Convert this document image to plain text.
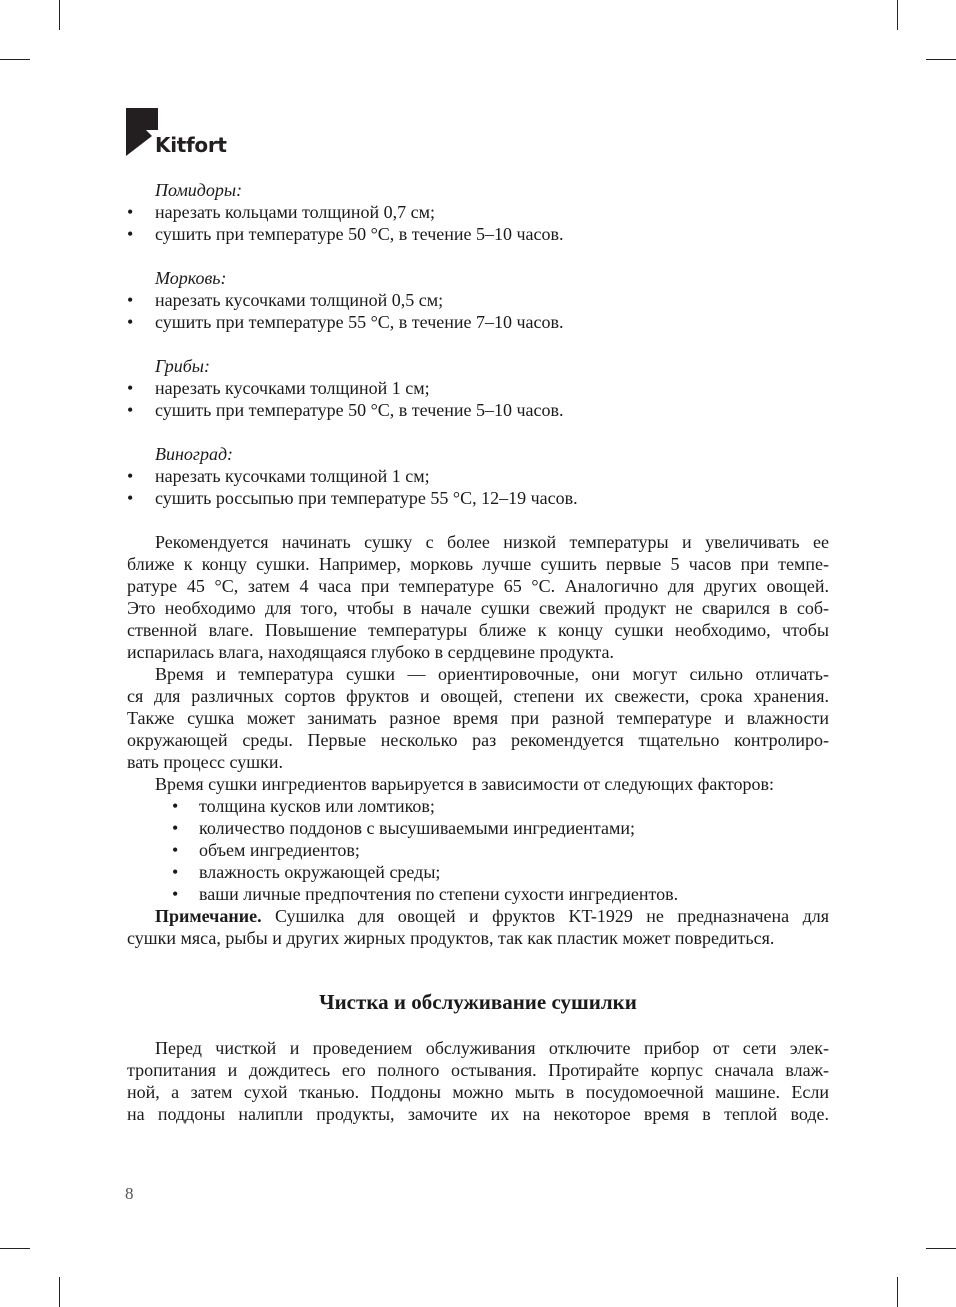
Kitfort
Помидоры:
• нарезать кольцами толщиной 0,7 см;
• сушить при температуре 50 °С, в течение 5–10 часов.
Морковь:
• нарезать кусочками толщиной 0,5 см;
• сушить при температуре 55 °С, в течение 7–10 часов.
Грибы:
• нарезать кусочками толщиной 1 см;
• сушить при температуре 50 °С, в течение 5–10 часов.
Виноград:
• нарезать кусочками толщиной 1 см;
• сушить россыпью при температуре 55 °С, 12–19 часов.
Рекомендуется начинать сушку с более низкой температуры и увеличивать ее
ближе к концу сушки. Например, морковь лучше сушить первые 5 часов при темпе-
ратуре 45 °С, затем 4 часа при температуре 65 °С. Аналогично для других овощей.
Это необходимо для того, чтобы в начале сушки свежий продукт не сварился в соб-
ственной влаге. Повышение температуры ближе к концу сушки необходимо, чтобы
испарилась влага, находящаяся глубоко в сердцевине продукта.
Время и температура сушки — ориентировочные, они могут сильно отличать-
ся для различных сортов фруктов и овощей, степени их свежести, срока хранения.
Также сушка может занимать разное время при разной температуре и влажности
окружающей среды. Первые несколько раз рекомендуется тщательно контролиро-
вать процесс сушки.
Время сушки ингредиентов варьируется в зависимости от следующих факторов:
• толщина кусков или ломтиков;
• количество поддонов с высушиваемыми ингредиентами;
• объем ингредиентов;
• влажность окружающей среды;
• ваши личные предпочтения по степени сухости ингредиентов.
Примечание. Сушилка для овощей и фруктов KT-1929 не предназначена для
сушки мяса, рыбы и других жирных продуктов, так как пластик может повредиться.
Перед чисткой и проведением обслуживания отключите прибор от сети элек-
тропитания и дождитесь его полного остывания. Протирайте корпус сначала влаж-
ной, а затем сухой тканью. Поддоны можно мыть в посудомоечной машине. Если
на поддоны налипли продукты, замочите их на некоторое время в теплой воде.
Чистка и обслуживание сушилки
8
